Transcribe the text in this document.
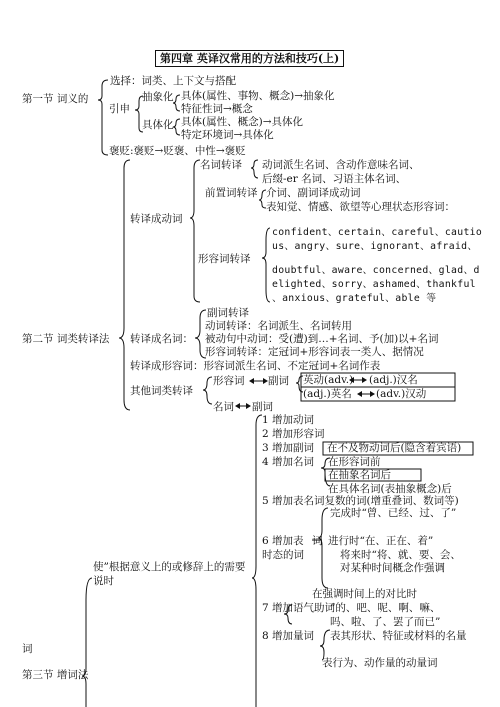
第四章 英译汉常用的方法和技巧(上)
第一节 词义的
选择：词类、上下文与搭配
引申
抽象化 具体(属性、事物、概念)→抽象化
特征性词→概念
具体化 具体(属性、概念)→具体化
特定环境词→具体化
褒贬:褒贬→贬褒、中性→褒贬
第二节 词类转译法
转译成动词
名词转译 动词派生名词、含动作意味名词、
后缀-er 名词、习语主体名词、
前置词转译 介词、副词译成动词
表知觉、情感、欲望等心理状态形容词：
形容词转译
confident、certain、careful、cautio
us、angry、sure、ignorant、afraid、
doubtful、aware、concerned、glad、d
elighted、sorry、ashamed、thankful
、anxious、grateful、able 等
转译成名词：
副词转译
动词转译：名词派生、名词转用
被动句中动词：受(遭)到…+名词、予(加)以+名词
形容词转译：定冠词+形容词表一类人、据情况
转译成形容词：形容词派生名词、不定冠词+名词作表
其他词类转译
形容词 副词 英动(adv.) (adj.)汉名
(adj.)英名 (adv.)汉动
名词 副词
使”根据意义上的或修辞上的需要
说时
词
第三节 增词法
1 增加动词
2 增加形容词
3 增加副词 在不及物动词后(隐含着宾语)
4 增加名词 在形容词前
在抽象名词后
在具体名词(表抽象概念)后
5 增加表名词复数的词(增重叠词、数词等)
6 增加表
时态的词
词
完成时“曾、已经、过、了”
进行时“在、正在、着”
将来时“将、就、要、会、
对某种时间概念作强调
在强调时间上的对比时
7 增加语气助词
“的、吧、呢、啊、嘛、
吗、啦、了、罢了而已”
8 增加量词 表其形状、特征或材料的名量
表行为、动作量的动量词
